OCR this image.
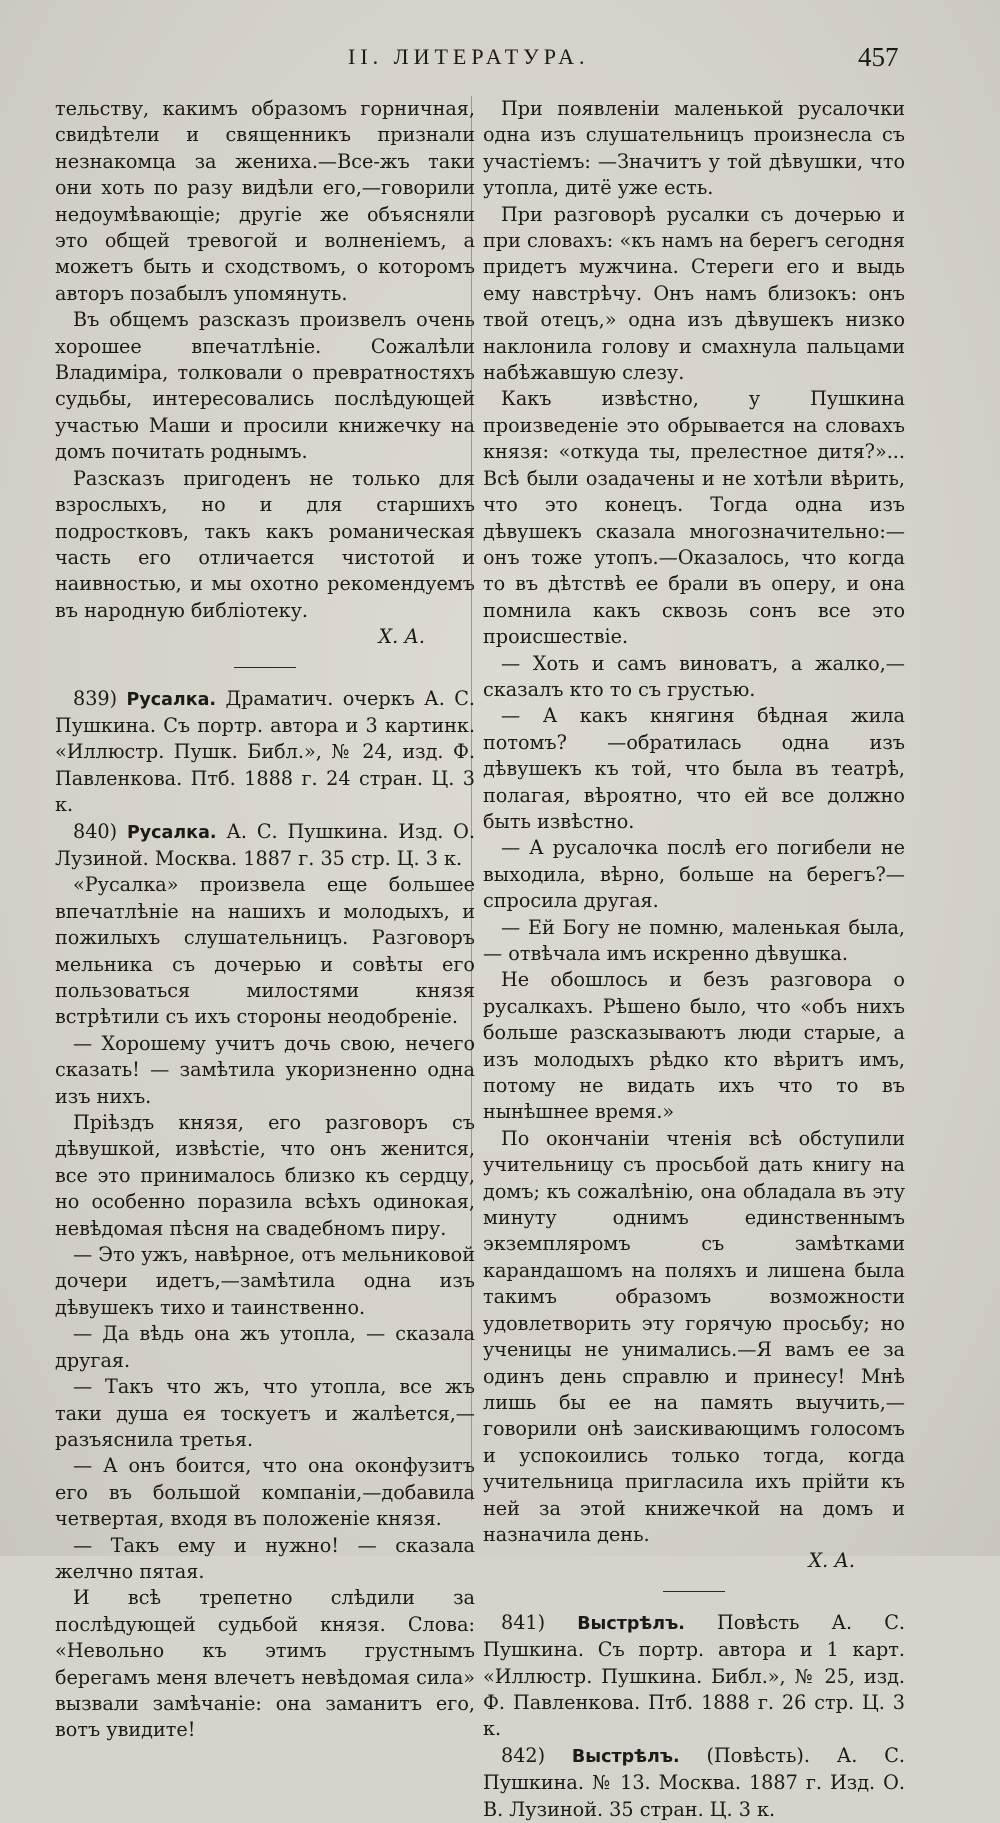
II. ЛИТЕРАТУРА.	457

тельству, какимъ образомъ горничная, свидѣтели и священникъ признали незнакомца за жениха.—Все-жъ таки они хоть по разу видѣли его,—говорили недоумѣвающіе; другіе же объясняли это общей тревогой и волненіемъ, а можетъ быть и сходствомъ, о которомъ авторъ позабылъ упомянуть.

Въ общемъ разсказъ произвелъ очень хорошее впечатлѣніе. Сожалѣли Владиміра, толковали о превратностяхъ судьбы, интересовались послѣдующей участью Маши и просили книжечку на домъ почитать роднымъ.

Разсказъ пригоденъ не только для взрослыхъ, но и для старшихъ подростковъ, такъ какъ романическая часть его отличается чистотой и наивностью, и мы охотно рекомендуемъ въ народную библіотеку.

Х. А.

839) Русалка. Драматич. очеркъ А. С. Пушкина. Съ портр. автора и 3 картинк. «Иллюстр. Пушк. Библ.», № 24, изд. Ф. Павленкова. Птб. 1888 г. 24 стран. Ц. 3 к.

840) Русалка. А. С. Пушкина. Изд. О. Лузиной. Москва. 1887 г. 35 стр. Ц. 3 к.

«Русалка» произвела еще большее впечатлѣніе на нашихъ и молодыхъ, и пожилыхъ слушательницъ. Разговоръ мельника съ дочерью и совѣты его пользоваться милостями князя встрѣтили съ ихъ стороны неодобреніе.

— Хорошему учитъ дочь свою, нечего сказать! — замѣтила укоризненно одна изъ нихъ.

Пріѣздъ князя, его разговоръ съ дѣвушкой, извѣстіе, что онъ женится, все это принималось близко къ сердцу, но особенно поразила всѣхъ одинокая, невѣдомая пѣсня на свадебномъ пиру.

— Это ужъ, навѣрное, отъ мельниковой дочери идетъ,—замѣтила одна изъ дѣвушекъ тихо и таинственно.

— Да вѣдь она жъ утопла, — сказала другая.

— Такъ что жъ, что утопла, все жъ таки душа ея тоскуетъ и жалѣется,—разъяснила третья.

— А онъ боится, что она оконфузитъ его въ большой компаніи,—добавила четвертая, входя въ положеніе князя.

— Такъ ему и нужно! — сказала желчно пятая.

И всѣ трепетно слѣдили за послѣдующей судьбой князя. Слова: «Невольно къ этимъ грустнымъ берегамъ меня влечетъ невѣдомая сила» вызвали замѣчаніе: она заманитъ его, вотъ увидите!

При появленіи маленькой русалочки одна изъ слушательницъ произнесла съ участіемъ: —Значитъ у той дѣвушки, что утопла, дитё уже есть.

При разговорѣ русалки съ дочерью и при словахъ: «къ намъ на берегъ сегодня придетъ мужчина. Стереги его и выдь ему навстрѣчу. Онъ намъ близокъ: онъ твой отецъ,» одна изъ дѣвушекъ низко наклонила голову и смахнула пальцами набѣжавшую слезу.

Какъ извѣстно, у Пушкина произведеніе это обрывается на словахъ князя: «откуда ты, прелестное дитя?»... Всѣ были озадачены и не хотѣли вѣрить, что это конецъ. Тогда одна изъ дѣвушекъ сказала многозначительно:—онъ тоже утопъ.—Оказалось, что когда то въ дѣтствѣ ее брали въ оперу, и она помнила какъ сквозь сонъ все это происшествіе.

— Хоть и самъ виноватъ, а жалко,—сказалъ кто то съ грустью.

— А какъ княгиня бѣдная жила потомъ? —обратилась одна изъ дѣвушекъ къ той, что была въ театрѣ, полагая, вѣроятно, что ей все должно быть извѣстно.

— А русалочка послѣ его погибели не выходила, вѣрно, больше на берегъ?—спросила другая.

— Ей Богу не помню, маленькая была,— отвѣчала имъ искренно дѣвушка.

Не обошлось и безъ разговора о русалкахъ. Рѣшено было, что «объ нихъ больше разсказываютъ люди старые, а изъ молодыхъ рѣдко кто вѣритъ имъ, потому не видать ихъ что то въ нынѣшнее время.»

По окончаніи чтенія всѣ обступили учительницу съ просьбой дать книгу на домъ; къ сожалѣнію, она обладала въ эту минуту однимъ единственнымъ экземпляромъ съ замѣтками карандашомъ на поляхъ и лишена была такимъ образомъ возможности удовлетворить эту горячую просьбу; но ученицы не унимались.—Я вамъ ее за одинъ день справлю и принесу! Мнѣ лишь бы ее на память выучить,—говорили онѣ заискивающимъ голосомъ и успокоились только тогда, когда учительница пригласила ихъ прійти къ ней за этой книжечкой на домъ и назначила день.

Х. А.

841) Выстрѣлъ. Повѣсть А. С. Пушкина. Съ портр. автора и 1 карт. «Иллюстр. Пушкина. Библ.», № 25, изд. Ф. Павленкова. Птб. 1888 г. 26 стр. Ц. 3 к.

842) Выстрѣлъ. (Повѣсть). А. С. Пушкина. № 13. Москва. 1887 г. Изд. О. В. Лузиной. 35 стран. Ц. 3 к.
